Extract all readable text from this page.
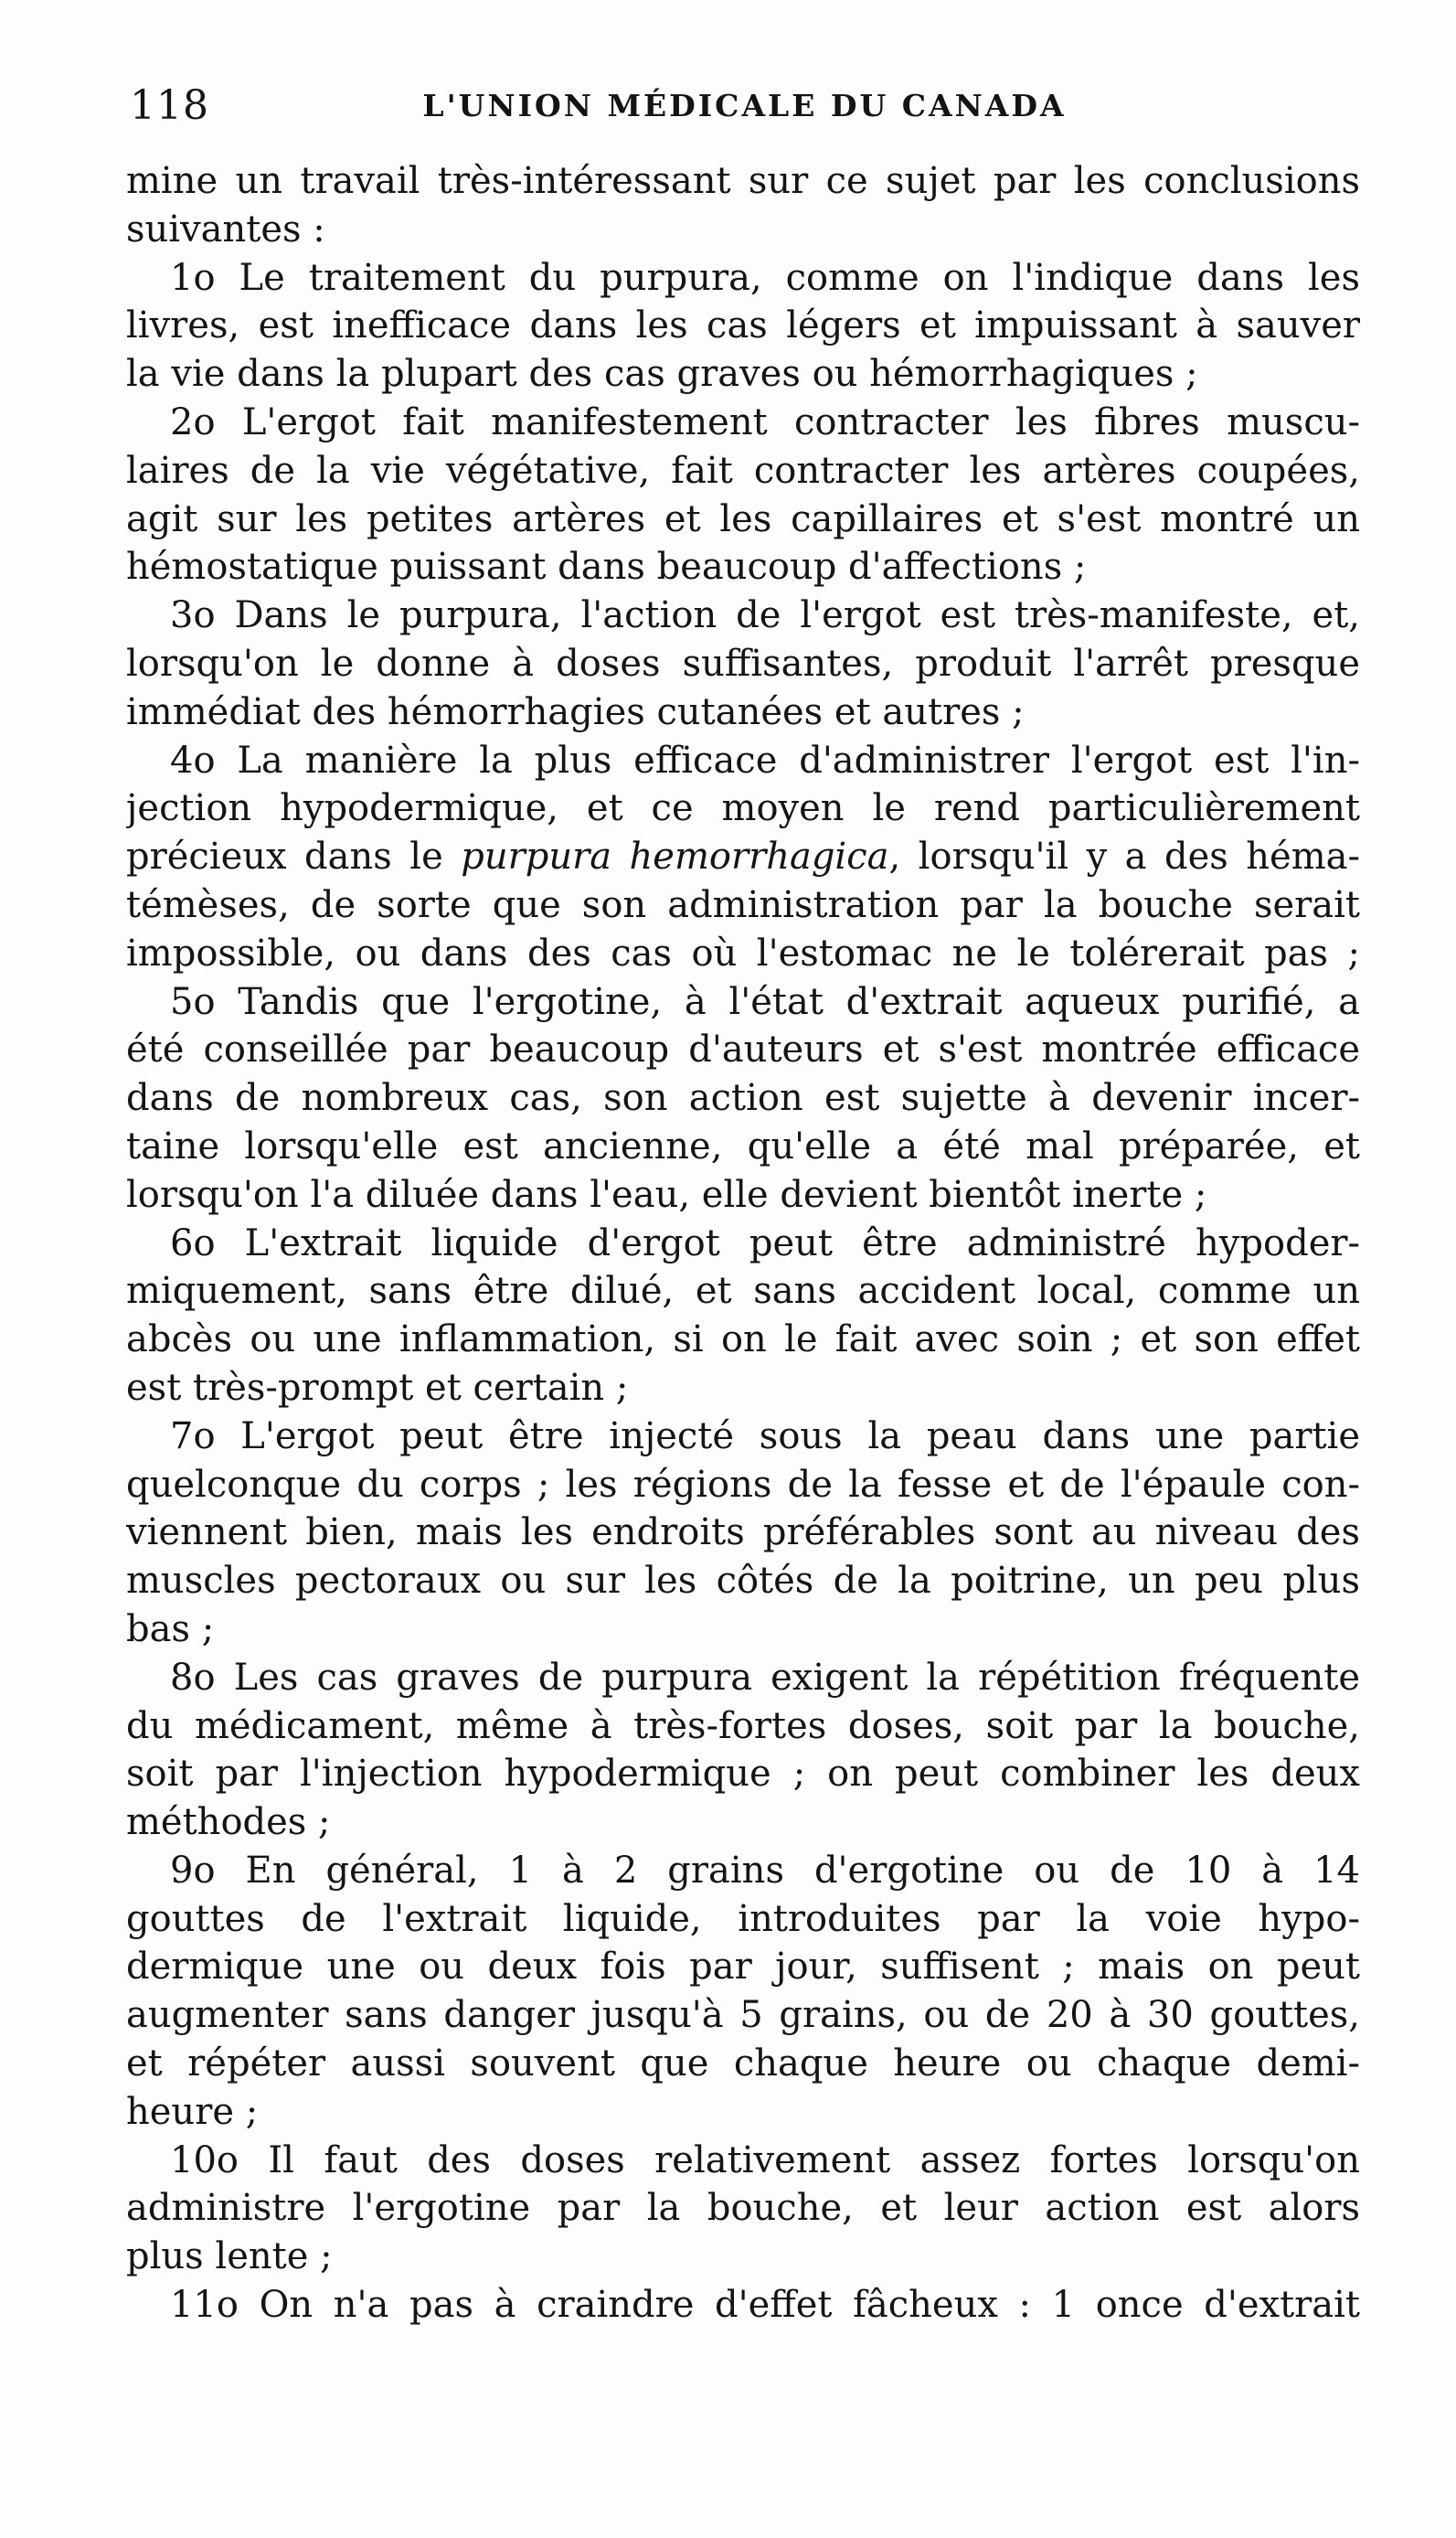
118	L'UNION MÉDICALE DU CANADA
mine un travail très-intéressant sur ce sujet par les conclusions
suivantes :
1o Le traitement du purpura, comme on l'indique dans les
livres, est inefficace dans les cas légers et impuissant à sauver
la vie dans la plupart des cas graves ou hémorrhagiques ;
2o L'ergot fait manifestement contracter les fibres muscu-
laires de la vie végétative, fait contracter les artères coupées,
agit sur les petites artères et les capillaires et s'est montré un
hémostatique puissant dans beaucoup d'affections ;
3o Dans le purpura, l'action de l'ergot est très-manifeste, et,
lorsqu'on le donne à doses suffisantes, produit l'arrêt presque
immédiat des hémorrhagies cutanées et autres ;
4o La manière la plus efficace d'administrer l'ergot est l'in-
jection hypodermique, et ce moyen le rend particulièrement
précieux dans le purpura hemorrhagica, lorsqu'il y a des héma-
témèses, de sorte que son administration par la bouche serait
impossible, ou dans des cas où l'estomac ne le tolérerait pas ;
5o Tandis que l'ergotine, à l'état d'extrait aqueux purifié, a
été conseillée par beaucoup d'auteurs et s'est montrée efficace
dans de nombreux cas, son action est sujette à devenir incer-
taine lorsqu'elle est ancienne, qu'elle a été mal préparée, et
lorsqu'on l'a diluée dans l'eau, elle devient bientôt inerte ;
6o L'extrait liquide d'ergot peut être administré hypoder-
miquement, sans être dilué, et sans accident local, comme un
abcès ou une inflammation, si on le fait avec soin ; et son effet
est très-prompt et certain ;
7o L'ergot peut être injecté sous la peau dans une partie
quelconque du corps ; les régions de la fesse et de l'épaule con-
viennent bien, mais les endroits préférables sont au niveau des
muscles pectoraux ou sur les côtés de la poitrine, un peu plus
bas ;
8o Les cas graves de purpura exigent la répétition fréquente
du médicament, même à très-fortes doses, soit par la bouche,
soit par l'injection hypodermique ; on peut combiner les deux
méthodes ;
9o En général, 1 à 2 grains d'ergotine ou de 10 à 14
gouttes de l'extrait liquide, introduites par la voie hypo-
dermique une ou deux fois par jour, suffisent ; mais on peut
augmenter sans danger jusqu'à 5 grains, ou de 20 à 30 gouttes,
et répéter aussi souvent que chaque heure ou chaque demi-
heure ;
10o Il faut des doses relativement assez fortes lorsqu'on
administre l'ergotine par la bouche, et leur action est alors
plus lente ;
11o On n'a pas à craindre d'effet fâcheux : 1 once d'extrait
